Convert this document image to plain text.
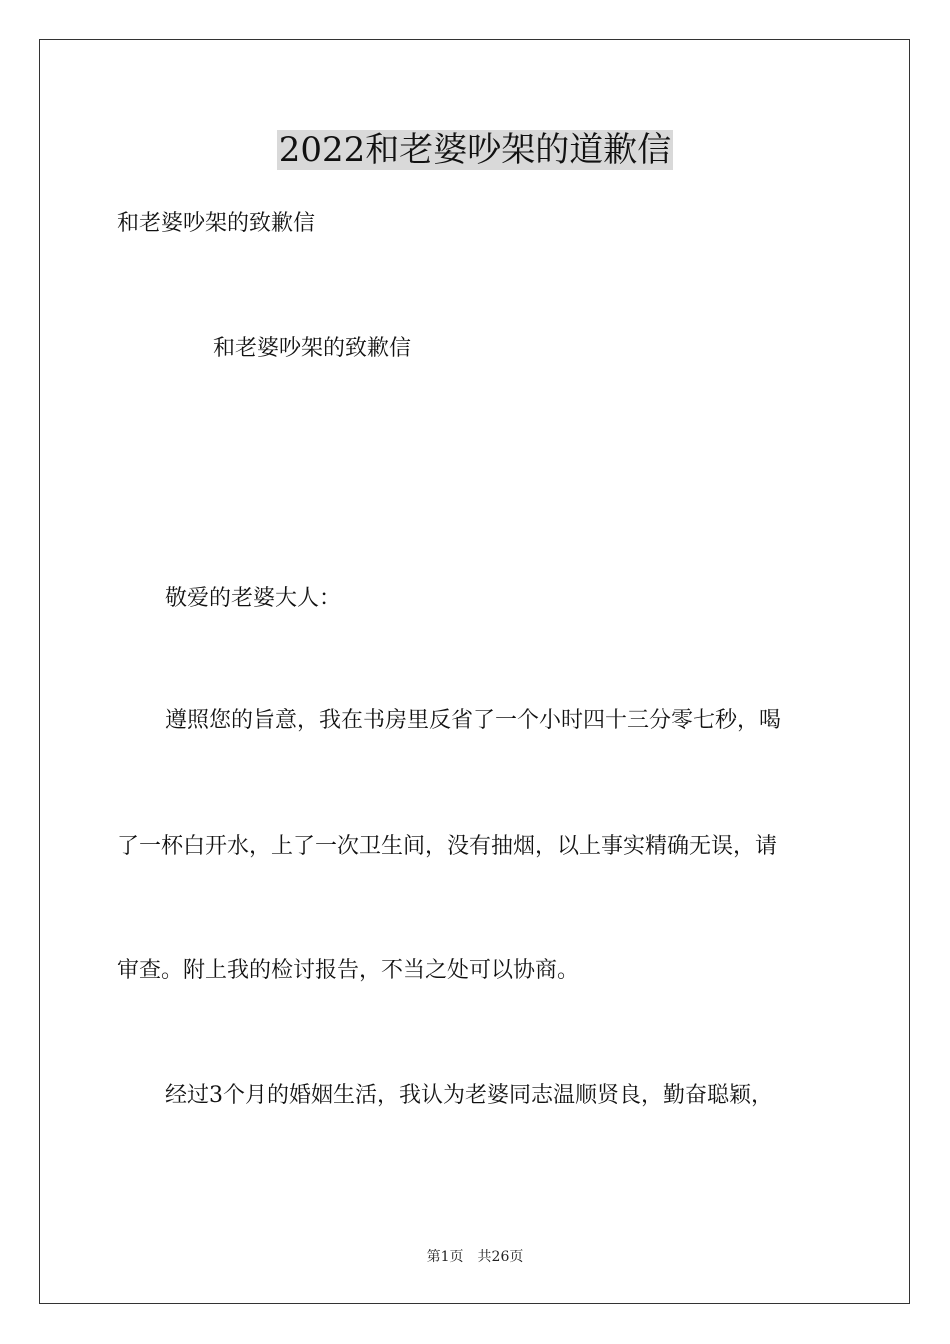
2022和老婆吵架的道歉信

和老婆吵架的致歉信

和老婆吵架的致歉信

敬爱的老婆大人：

遵照您的旨意，我在书房里反省了一个小时四十三分零七秒，喝

了一杯白开水，上了一次卫生间，没有抽烟，以上事实精确无误，请

审查。附上我的检讨报告，不当之处可以协商。

经过3个月的婚姻生活，我认为老婆同志温顺贤良，勤奋聪颖，

第1页 共26页
